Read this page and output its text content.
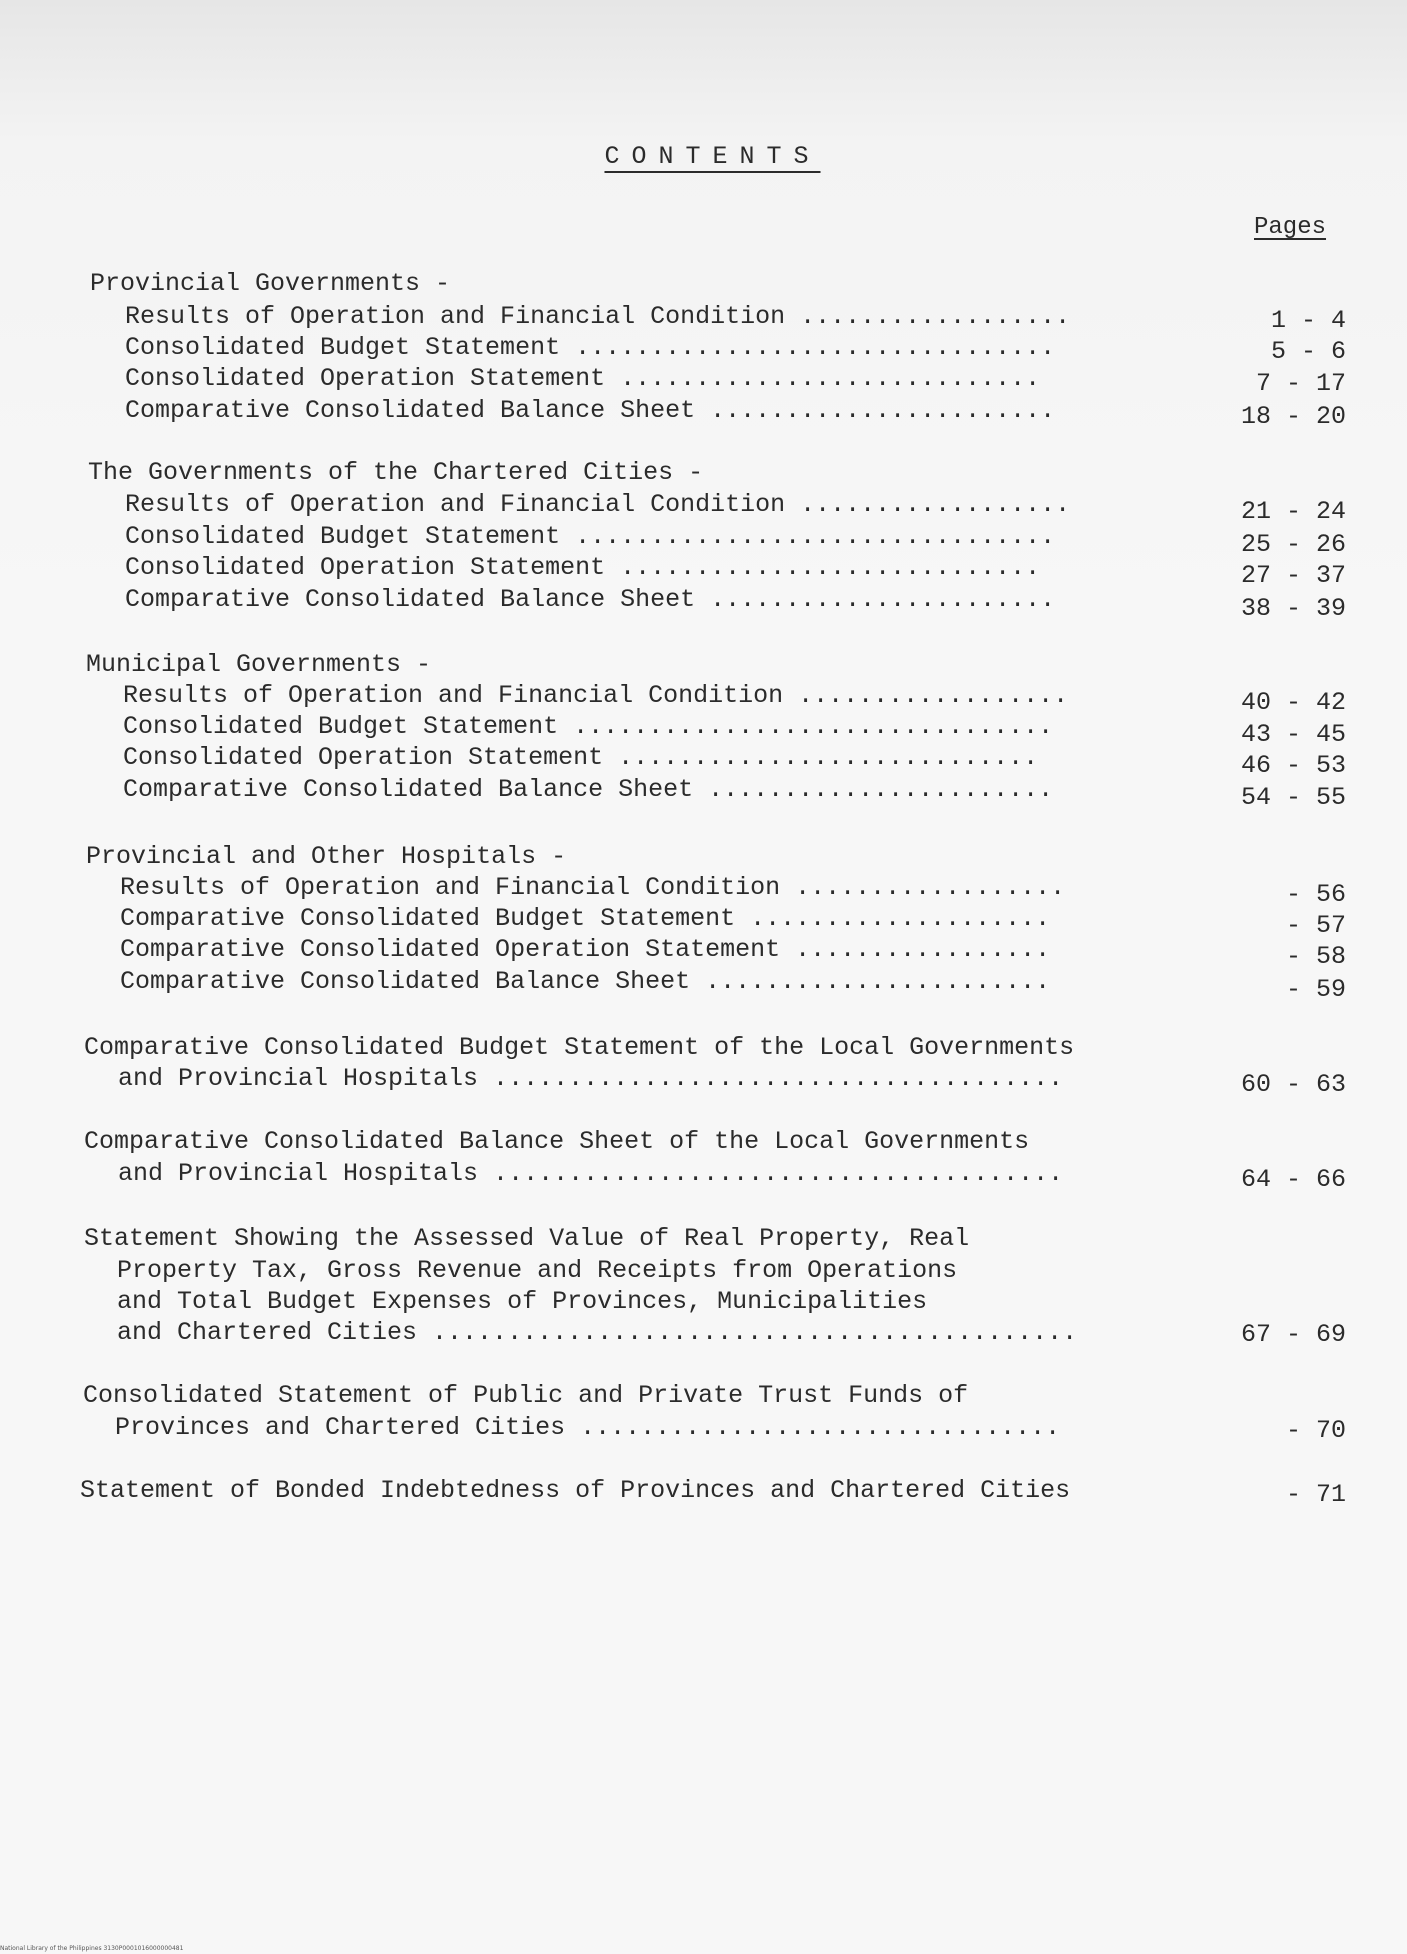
CONTENTS
Pages
Provincial Governments -
Results of Operation and Financial Condition ..................	1 - 4
Consolidated Budget Statement ................................	5 - 6
Consolidated Operation Statement ............................	7 - 17
Comparative Consolidated Balance Sheet .......................	18 - 20
The Governments of the Chartered Cities -
Results of Operation and Financial Condition ..................	21 - 24
Consolidated Budget Statement ................................	25 - 26
Consolidated Operation Statement ............................	27 - 37
Comparative Consolidated Balance Sheet .......................	38 - 39
Municipal Governments -
Results of Operation and Financial Condition ..................	40 - 42
Consolidated Budget Statement ................................	43 - 45
Consolidated Operation Statement ............................	46 - 53
Comparative Consolidated Balance Sheet .......................	54 - 55
Provincial and Other Hospitals -
Results of Operation and Financial Condition ..................	- 56
Comparative Consolidated Budget Statement ....................	- 57
Comparative Consolidated Operation Statement .................	- 58
Comparative Consolidated Balance Sheet .......................	- 59
Comparative Consolidated Budget Statement of the Local Governments
and Provincial Hospitals ......................................	60 - 63
Comparative Consolidated Balance Sheet of the Local Governments
and Provincial Hospitals ......................................	64 - 66
Statement Showing the Assessed Value of Real Property, Real
Property Tax, Gross Revenue and Receipts from Operations
and Total Budget Expenses of Provinces, Municipalities
and Chartered Cities ...........................................	67 - 69
Consolidated Statement of Public and Private Trust Funds of
Provinces and Chartered Cities ................................	- 70
Statement of Bonded Indebtedness of Provinces and Chartered Cities	- 71
National Library of the Philippines 3130P0001016000000481
